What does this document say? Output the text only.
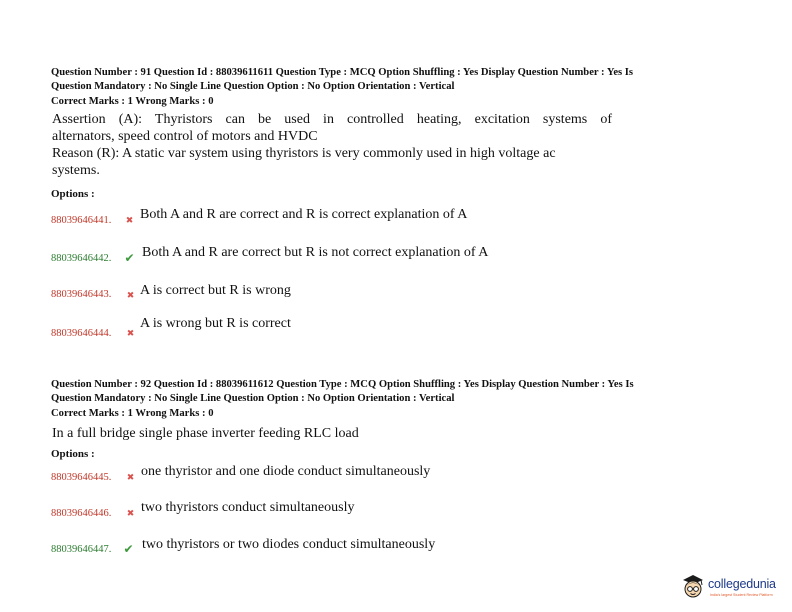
Question Number : 91 Question Id : 88039611611 Question Type : MCQ Option Shuffling : Yes Display Question Number : Yes Is
Question Mandatory : No Single Line Question Option : No Option Orientation : Vertical
Correct Marks : 1 Wrong Marks : 0
Assertion (A): Thyristors can be used in controlled heating, excitation systems of
alternators, speed control of motors and HVDC
Reason (R): A static var system using thyristors is very commonly used in high voltage ac
systems.
Options :
88039646441. ✖ Both A and R are correct and R is correct explanation of A
88039646442. ✔ Both A and R are correct but R is not correct explanation of A
88039646443. ✖ A is correct but R is wrong
88039646444. ✖
A is wrong but R is correct
Question Number : 92 Question Id : 88039611612 Question Type : MCQ Option Shuffling : Yes Display Question Number : Yes Is
Question Mandatory : No Single Line Question Option : No Option Orientation : Vertical
Correct Marks : 1 Wrong Marks : 0
In a full bridge single phase inverter feeding RLC load
Options :
88039646445. ✖ one thyristor and one diode conduct simultaneously
88039646446. ✖ two thyristors conduct simultaneously
88039646447. ✔ two thyristors or two diodes conduct simultaneously
collegedunia
India's largest Student Review Platform
